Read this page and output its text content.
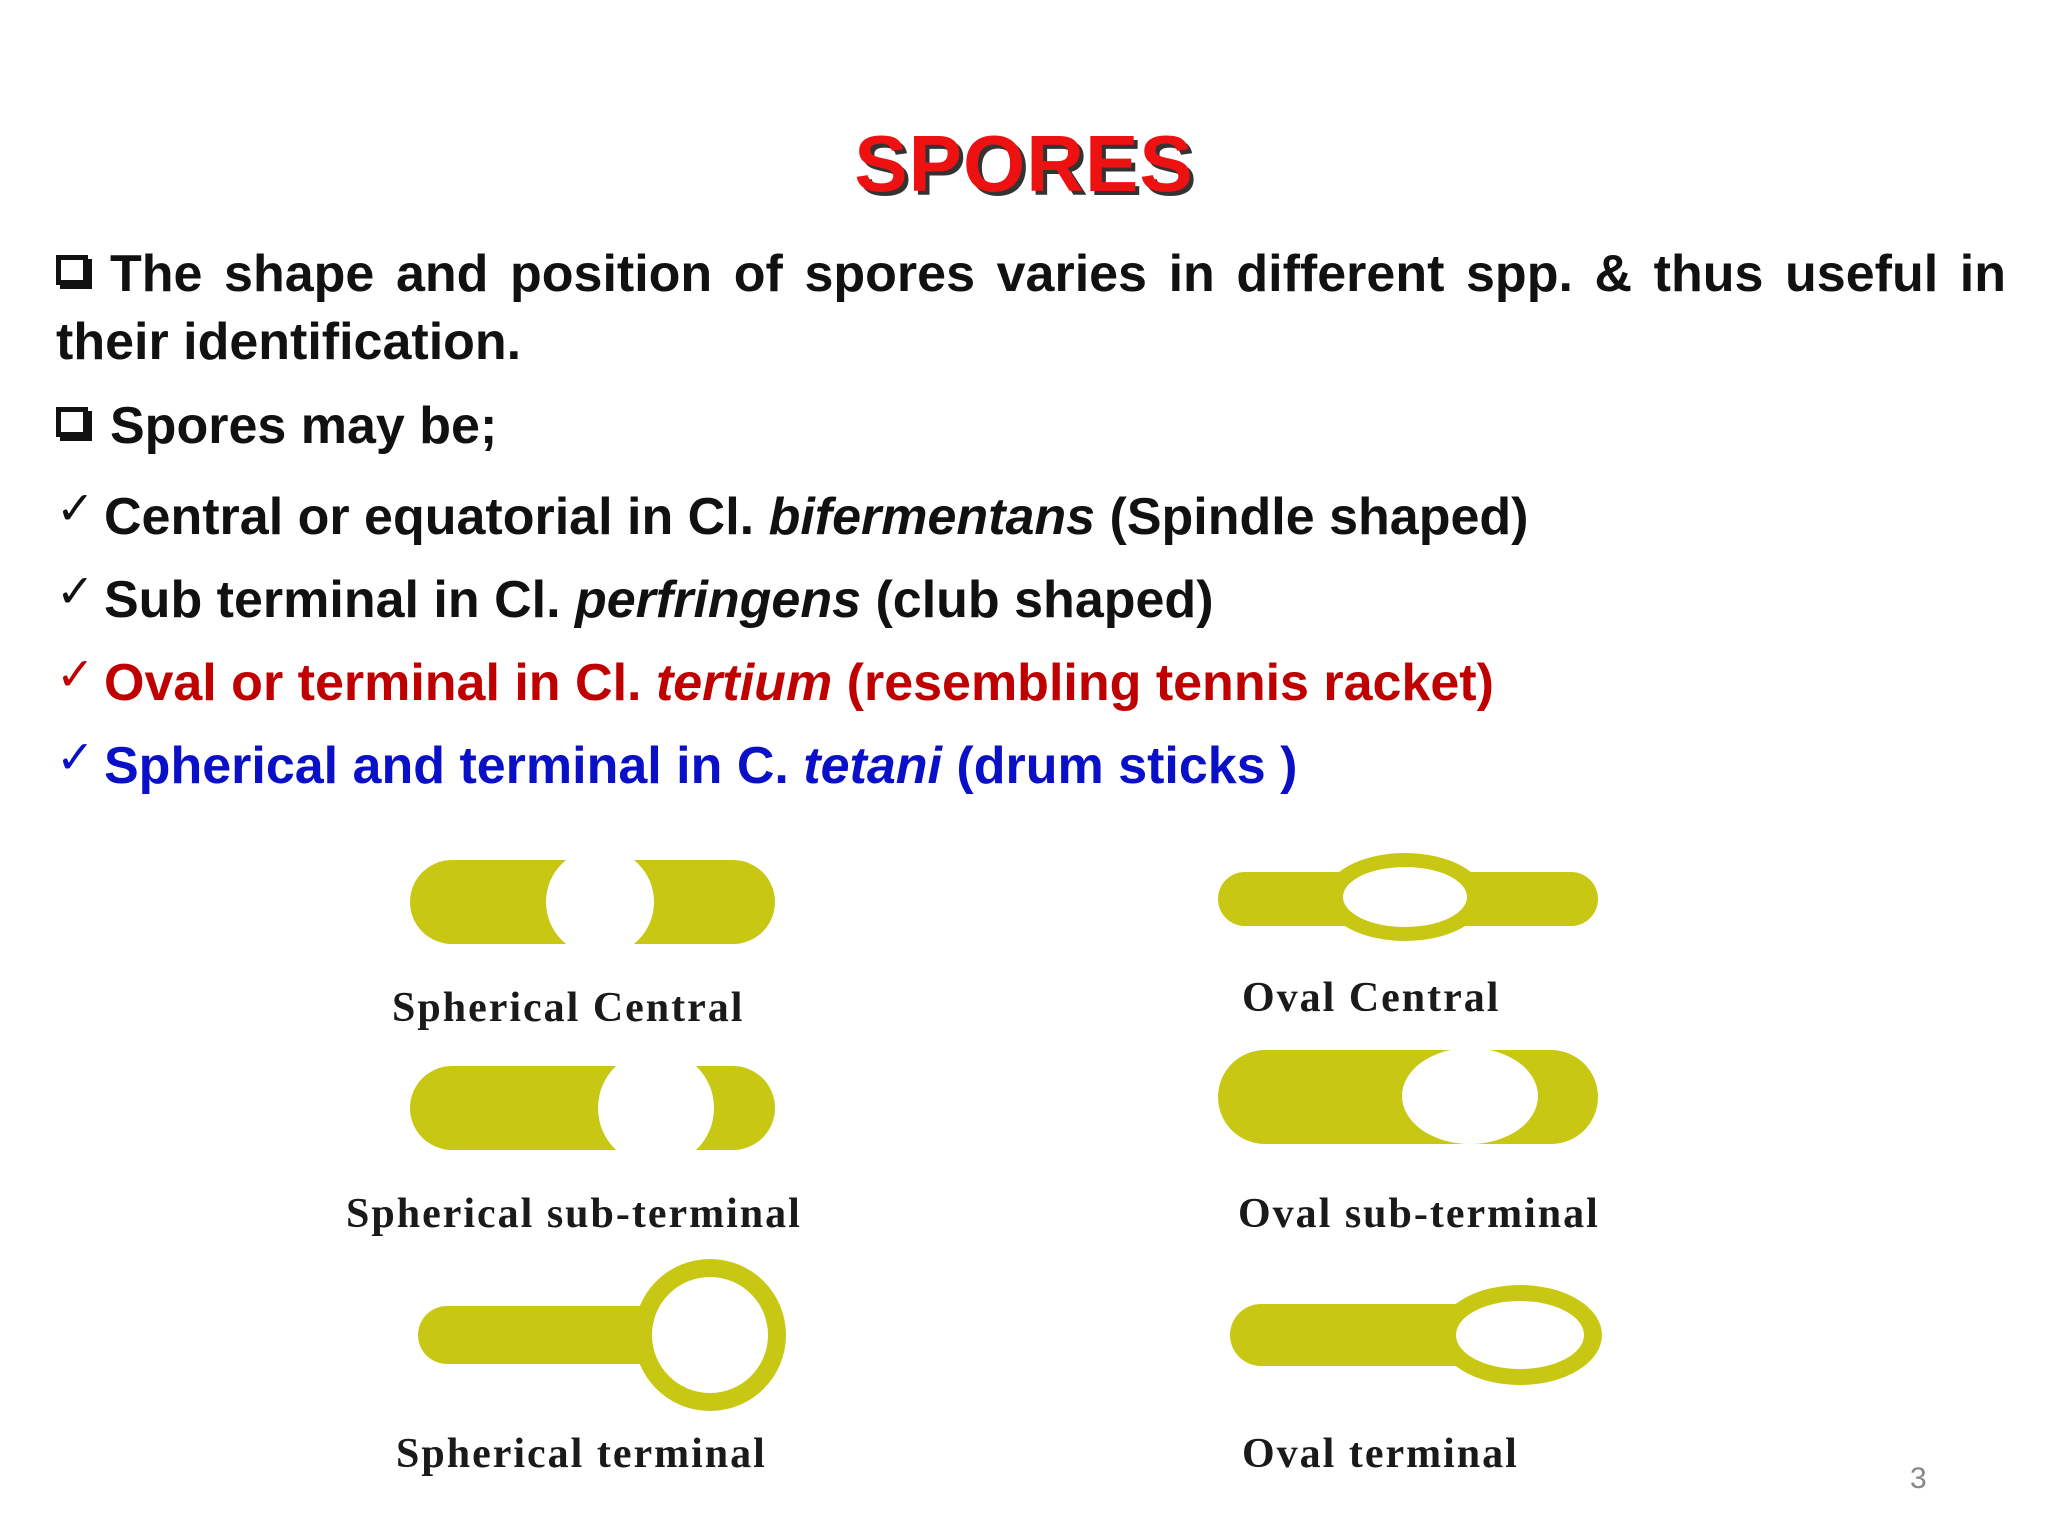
SPORES
The shape and position of spores varies in different spp. & thus useful in
their identification.
Spores may be;
✓ Central or equatorial in Cl. bifermentans (Spindle shaped)
✓ Sub terminal in Cl. perfringens (club shaped)
✓ Oval or terminal in Cl. tertium (resembling tennis racket)
✓ Spherical and terminal in C. tetani (drum sticks )
Spherical Central	Oval Central
Spherical sub-terminal	Oval sub-terminal
Spherical terminal	Oval terminal
3
